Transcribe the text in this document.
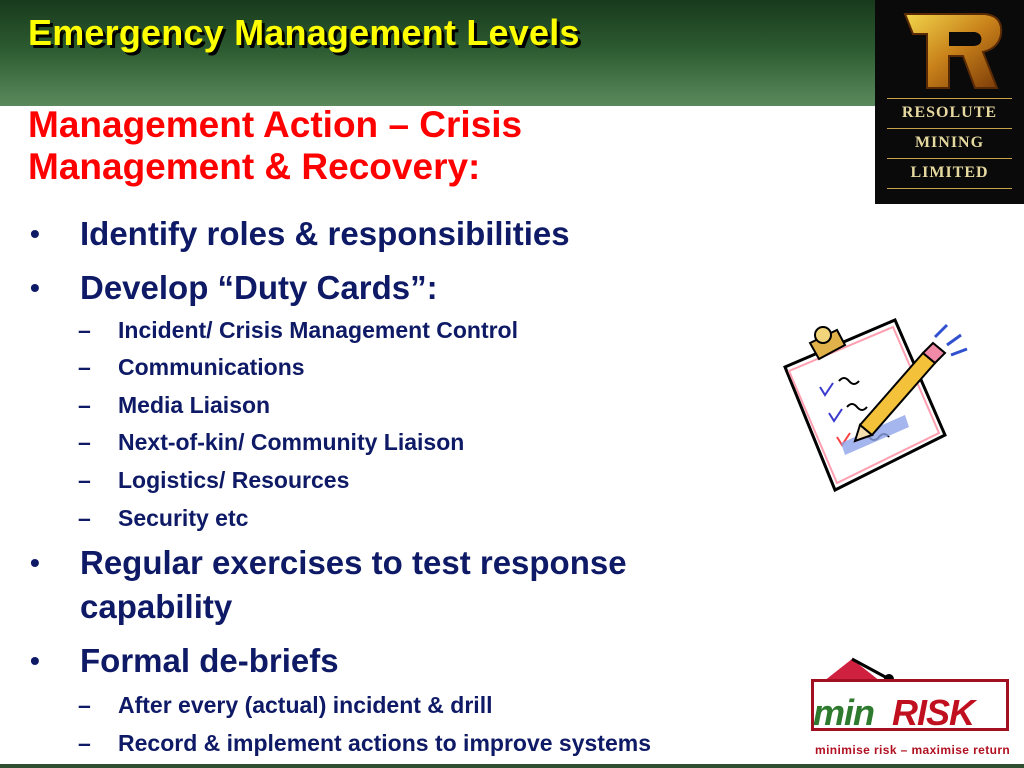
Emergency Management Levels
RESOLUTE
MINING
LIMITED
Management Action – Crisis Management & Recovery:
• Identify roles & responsibilities
• Develop “Duty Cards”:
– Incident/ Crisis Management Control
– Communications
– Media Liaison
– Next-of-kin/ Community Liaison
– Logistics/ Resources
– Security etc
• Regular exercises to test response capability
• Formal de-briefs
– After every (actual) incident & drill
– Record & implement actions to improve systems
min RISK
minimise risk – maximise return
